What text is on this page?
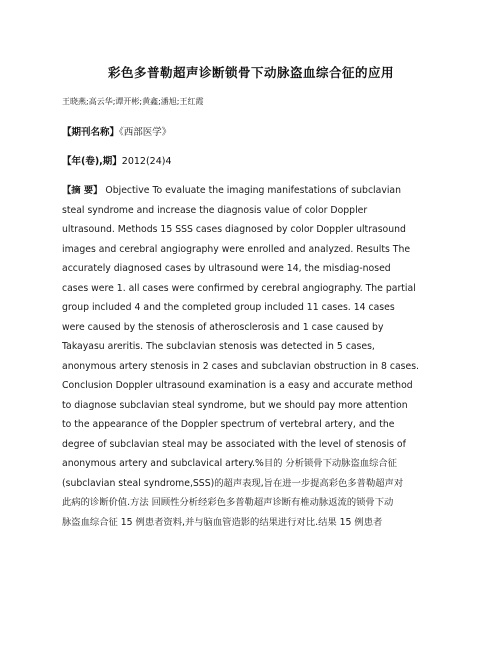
彩色多普勒超声诊断锁骨下动脉盗血综合征的应用
王晓燕;高云华;谭开彬;黄鑫;潘旭;王红霞
【期刊名称】《西部医学》
【年(卷),期】2012(24)4
【摘 要】 Objective To evaluate the imaging manifestations of subclavian
steal syndrome and increase the diagnosis value of color Doppler
ultrasound. Methods 15 SSS cases diagnosed by color Doppler ultrasound
images and cerebral angiography were enrolled and analyzed. Results The
accurately diagnosed cases by ultrasound were 14, the misdiag-nosed
cases were 1. all cases were confirmed by cerebral angiography. The partial
group included 4 and the completed group included 11 cases. 14 cases
were caused by the stenosis of atherosclerosis and 1 case caused by
Takayasu areritis. The subclavian stenosis was detected in 5 cases,
anonymous artery stenosis in 2 cases and subclavian obstruction in 8 cases.
Conclusion Doppler ultrasound examination is a easy and accurate method
to diagnose subclavian steal syndrome, but we should pay more attention
to the appearance of the Doppler spectrum of vertebral artery, and the
degree of subclavian steal may be associated with the level of stenosis of
anonymous artery and subclavical artery.%目的 分析锁骨下动脉盗血综合征
(subclavian steal syndrome,SSS)的超声表现,旨在进一步提高彩色多普勒超声对
此病的诊断价值.方法 回顾性分析经彩色多普勒超声诊断有椎动脉返流的锁骨下动
脉盗血综合征 15 例患者资料,并与脑血管造影的结果进行对比.结果 15 例患者
